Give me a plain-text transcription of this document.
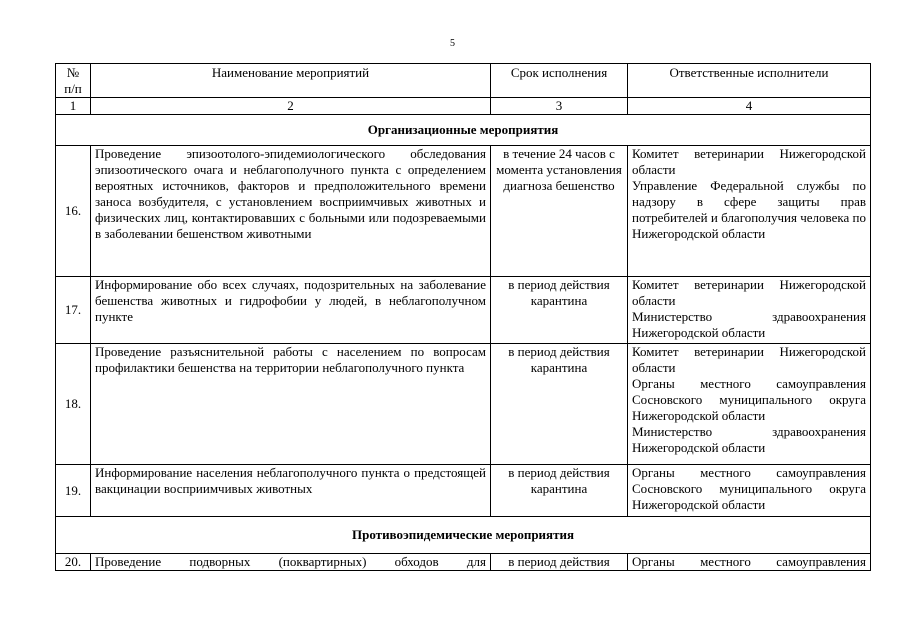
5
№ п/п	Наименование мероприятий	Срок исполнения	Ответственные исполнители
1	2	3	4
Организационные мероприятия			
16.	Проведение эпизоотолого-эпидемиологического обследования эпизоотического очага и неблагополучного пункта с определением вероятных источников, факторов и предположительного времени заноса возбудителя, с установлением восприимчивых животных и физических лиц, контактировавших с больными или подозреваемыми в заболевании бешенством животными	в течение 24 часов с момента установления диагноза бешенство	Комитет ветеринарии Нижегородской области
Управление Федеральной службы по надзору в сфере защиты прав потребителей и благополучия человека по Нижегородской области

17.	Информирование обо всех случаях, подозрительных на заболевание бешенства животных и гидрофобии у людей, в неблагополучном пункте	в период действия карантина	Комитет ветеринарии Нижегородской области
Министерство здравоохранения Нижегородской области

18.	Проведение разъяснительной работы с населением по вопросам профилактики бешенства на территории неблагополучного пункта	в период действия карантина	Комитет ветеринарии Нижегородской области
Органы местного самоуправления Сосновского муниципального округа Нижегородской области
Министерство здравоохранения Нижегородской области

19.	Информирование населения неблагополучного пункта о предстоящей вакцинации восприимчивых животных	в период действия карантина	Органы местного самоуправления Сосновского муниципального округа Нижегородской области

Противоэпидемические мероприятия			
20.	Проведение подворных (поквартирных) обходов для	в период действия	Органы местного самоуправления
